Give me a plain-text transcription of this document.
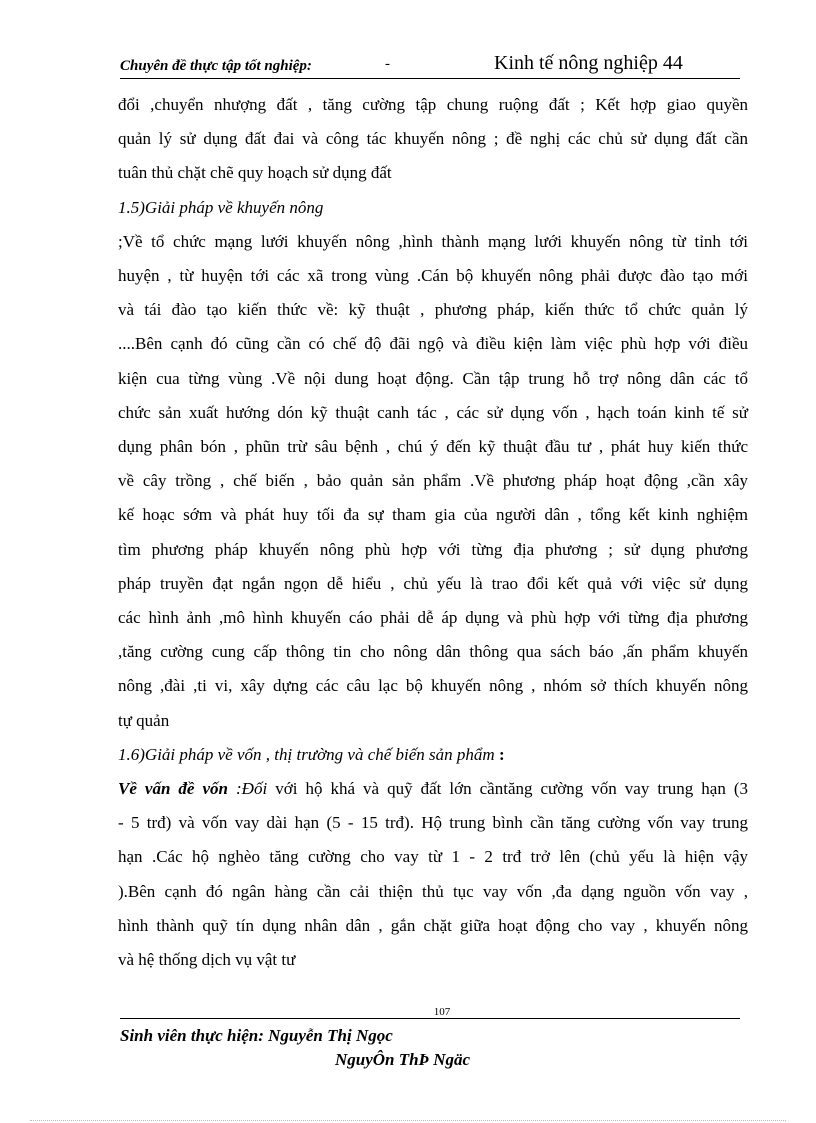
Chuyên đề thực tập tốt nghiệp:	-	Kinh tế nông nghiệp 44

đổi ,chuyển nhượng đất , tăng cường tập chung ruộng đất ; Kết hợp giao quyền

quản lý sử dụng đất đai và công tác khuyến nông ; đề nghị các chủ sử dụng đất cần

tuân thủ chặt chẽ quy hoạch sử dụng đất

1.5)Giải pháp về khuyến nông

;Về tổ chức mạng lưới khuyến nông ,hình thành mạng lưới khuyến nông từ tỉnh tới

huyện , từ huyện tới các xã trong vùng .Cán bộ khuyến nông phải được đào tạo mới

và tái đào tạo kiến thức về: kỹ thuật , phương pháp, kiến thức tổ chức quản lý

....Bên cạnh đó cũng cần có chế độ đãi ngộ và điều kiện làm việc phù hợp với điều

kiện cua từng vùng .Về nội dung hoạt động. Cần tập trung hỗ trợ nông dân các tổ

chức sản xuất hướng dón kỹ thuật canh tác , các sử dụng vốn , hạch toán kinh tế sử

dụng phân bón , phũn trừ sâu bệnh , chú ý đến kỹ thuật đầu tư , phát huy kiến thức

về cây trồng , chế biến , bảo quản sản phẩm .Về phương pháp hoạt động ,cần xây

kế hoạc sớm và phát huy tối đa sự tham gia của người dân , tổng kết kinh nghiệm

tìm phương pháp khuyến nông phù hợp với từng địa phương ; sử dụng phương

pháp truyền đạt ngắn ngọn dễ hiểu , chủ yếu là trao đổi kết quả với việc sử dụng

các hình ảnh ,mô hình khuyến cáo phải dễ áp dụng và phù hợp với từng địa phương

,tăng cường cung cấp thông tin cho nông dân thông qua sách báo ,ấn phẩm khuyến

nông ,đài ,ti vi, xây dựng các câu lạc bộ khuyến nông , nhóm sở thích khuyến nông

tự quản

1.6)Giải pháp về vốn , thị trường và chế biến sản phẩm :

Về vấn đề vốn :Đối với hộ khá và quỹ đất lớn cầntăng cường vốn vay trung hạn (3

- 5 trđ) và vốn vay dài hạn (5 - 15 trđ). Hộ trung bình cần tăng cường vốn vay trung

hạn .Các hộ nghèo tăng cường cho vay từ 1 - 2 trđ trở lên (chủ yếu là hiện vậy

).Bên cạnh đó ngân hàng cần cải thiện thủ tục vay vốn ,đa dạng nguồn vốn vay ,

hình thành quỹ tín dụng nhân dân , gắn chặt giữa hoạt động cho vay , khuyến nông

và hệ thống dịch vụ vật tư

107
Sinh viên thực hiện: Nguyễn Thị Ngọc
NguyÔn ThÞ Ngäc
